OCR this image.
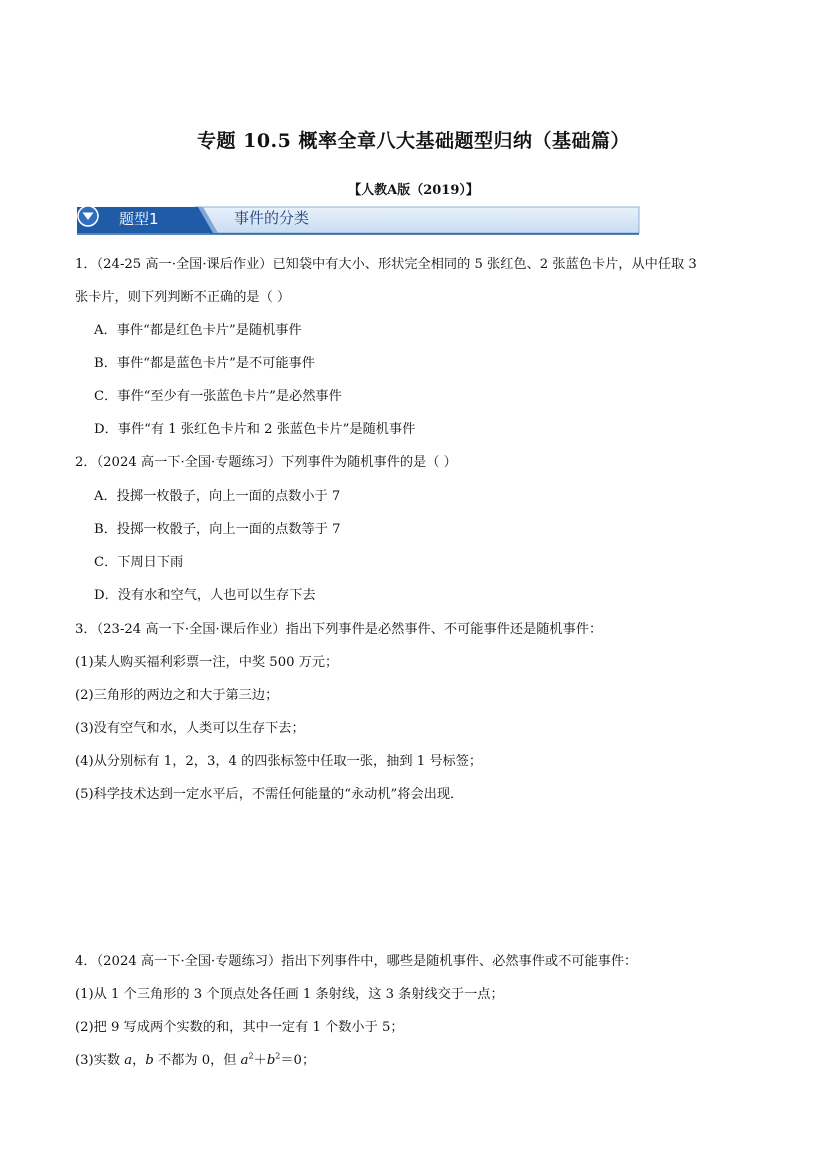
专题 10.5 概率全章八大基础题型归纳（基础篇）
【人教A版（2019）】
题型1	事件的分类
1．（24-25 高一·全国·课后作业）已知袋中有大小、形状完全相同的 5 张红色、2 张蓝色卡片，从中任取 3
张卡片，则下列判断不正确的是（ ）
A．事件“都是红色卡片”是随机事件
B．事件“都是蓝色卡片”是不可能事件
C．事件“至少有一张蓝色卡片”是必然事件
D．事件“有 1 张红色卡片和 2 张蓝色卡片”是随机事件
2．（2024 高一下·全国·专题练习）下列事件为随机事件的是（ ）
A．投掷一枚骰子，向上一面的点数小于 7
B．投掷一枚骰子，向上一面的点数等于 7
C．下周日下雨
D．没有水和空气，人也可以生存下去
3．（23-24 高一下·全国·课后作业）指出下列事件是必然事件、不可能事件还是随机事件：
(1)某人购买福利彩票一注，中奖 500 万元；
(2)三角形的两边之和大于第三边；
(3)没有空气和水，人类可以生存下去；
(4)从分别标有 1，2，3，4 的四张标签中任取一张，抽到 1 号标签；
(5)科学技术达到一定水平后，不需任何能量的“永动机”将会出现．
4．（2024 高一下·全国·专题练习）指出下列事件中，哪些是随机事件、必然事件或不可能事件：
(1)从 1 个三角形的 3 个顶点处各任画 1 条射线，这 3 条射线交于一点；
(2)把 9 写成两个实数的和，其中一定有 1 个数小于 5；
(3)实数 a，b 不都为 0，但 $a^2+b^2=0$；
